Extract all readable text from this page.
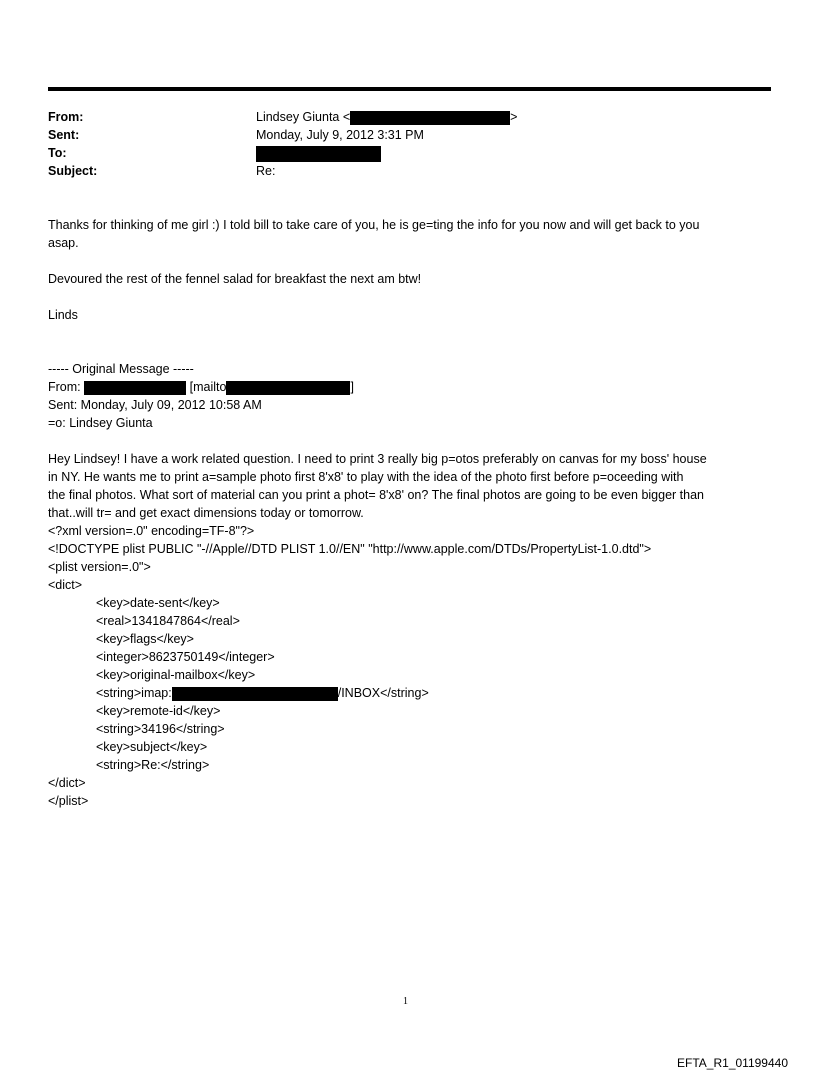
From:	Lindsey Giunta <	>
Sent:	Monday, July 9, 2012 3:31 PM
To:
Subject:	Re:
Thanks for thinking of me girl :) I told bill to take care of you, he is ge=ting the info for you now and will get back to you
asap.
Devoured the rest of the fennel salad for breakfast the next am btw!
Linds
----- Original Message -----
From:	[mailto	]
Sent: Monday, July 09, 2012 10:58 AM
=o: Lindsey Giunta
Hey Lindsey! I have a work related question. I need to print 3 really big p=otos preferably on canvas for my boss' house
in NY. He wants me to print a=sample photo first 8'x8' to play with the idea of the photo first before p=oceeding with
the final photos. What sort of material can you print a phot= 8'x8' on? The final photos are going to be even bigger than
that..will tr= and get exact dimensions today or tomorrow.
<?xml version=.0" encoding=TF-8"?>
<!DOCTYPE plist PUBLIC "-//Apple//DTD PLIST 1.0//EN" "http://www.apple.com/DTDs/PropertyList-1.0.dtd">
<plist version=.0">
<dict>
<key>date-sent</key>
<real>1341847864</real>
<key>flags</key>
<integer>8623750149</integer>
<key>original-mailbox</key>
<string>imap:	/INBOX</string>
<key>remote-id</key>
<string>34196</string>
<key>subject</key>
<string>Re:</string>
</dict>
</plist>
1
EFTA_R1_01199440
